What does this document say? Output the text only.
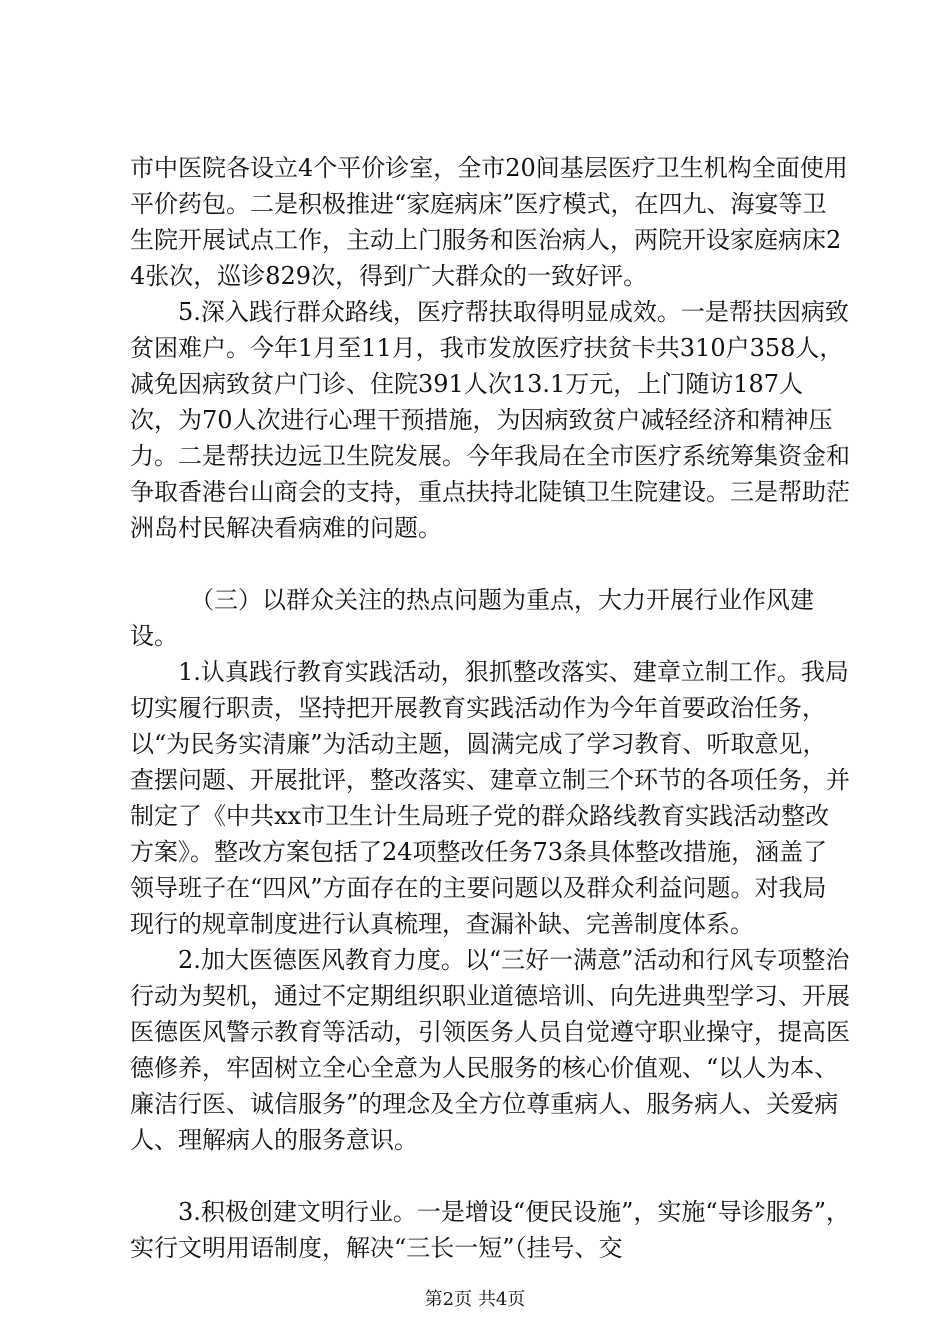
市中医院各设立4个平价诊室，全市20间基层医疗卫生机构全面使用平价药包。二是积极推进“家庭病床”医疗模式，在四九、海宴等卫生院开展试点工作，主动上门服务和医治病人，两院开设家庭病床24张次，巡诊829次，得到广大群众的一致好评。

5.深入践行群众路线，医疗帮扶取得明显成效。一是帮扶因病致贫困难户。今年1月至11月，我市发放医疗扶贫卡共310户358人，减免因病致贫户门诊、住院391人次13.1万元，上门随访187人次，为70人次进行心理干预措施，为因病致贫户减轻经济和精神压力。二是帮扶边远卫生院发展。今年我局在全市医疗系统筹集资金和争取香港台山商会的支持，重点扶持北陡镇卫生院建设。三是帮助茫洲岛村民解决看病难的问题。

（三）以群众关注的热点问题为重点，大力开展行业作风建设。

1.认真践行教育实践活动，狠抓整改落实、建章立制工作。我局切实履行职责，坚持把开展教育实践活动作为今年首要政治任务，以“为民务实清廉”为活动主题，圆满完成了学习教育、听取意见，查摆问题、开展批评，整改落实、建章立制三个环节的各项任务，并制定了《中共xx市卫生计生局班子党的群众路线教育实践活动整改方案》。整改方案包括了24项整改任务73条具体整改措施，涵盖了领导班子在“四风”方面存在的主要问题以及群众利益问题。对我局现行的规章制度进行认真梳理，查漏补缺、完善制度体系。

2.加大医德医风教育力度。以“三好一满意”活动和行风专项整治行动为契机，通过不定期组织职业道德培训、向先进典型学习、开展医德医风警示教育等活动，引领医务人员自觉遵守职业操守，提高医德修养，牢固树立全心全意为人民服务的核心价值观、“以人为本、廉洁行医、诚信服务”的理念及全方位尊重病人、服务病人、关爱病人、理解病人的服务意识。

3.积极创建文明行业。一是增设“便民设施”，实施“导诊服务”，实行文明用语制度，解决“三长一短”（挂号、交

第2页 共4页
